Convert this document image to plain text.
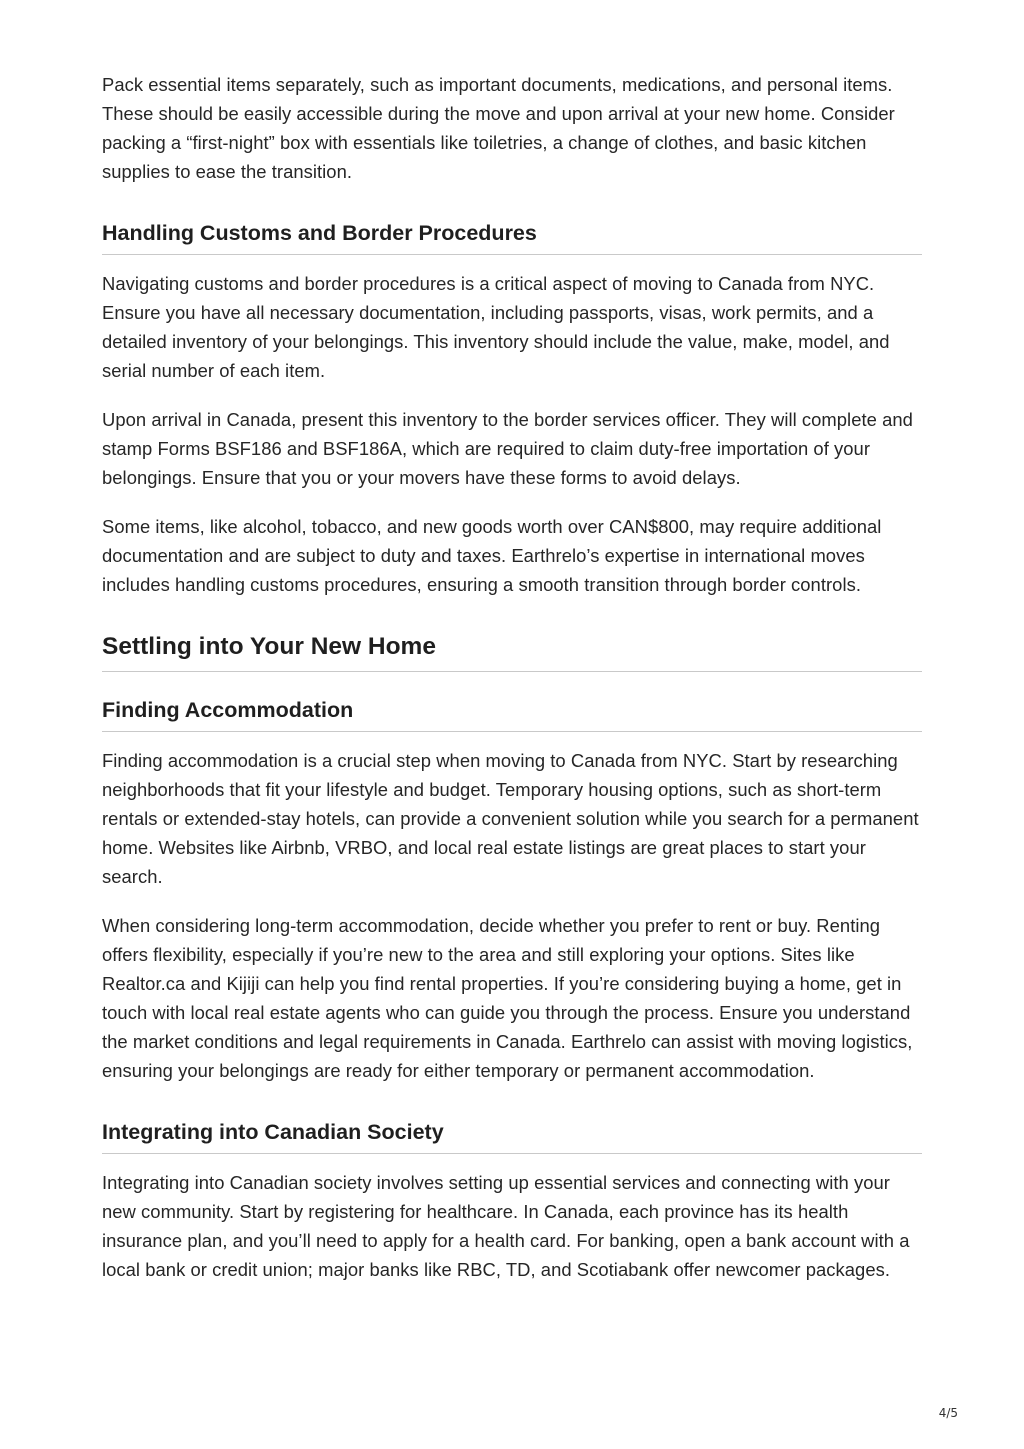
Pack essential items separately, such as important documents, medications, and personal items. These should be easily accessible during the move and upon arrival at your new home. Consider packing a “first-night” box with essentials like toiletries, a change of clothes, and basic kitchen supplies to ease the transition.

Handling Customs and Border Procedures

Navigating customs and border procedures is a critical aspect of moving to Canada from NYC. Ensure you have all necessary documentation, including passports, visas, work permits, and a detailed inventory of your belongings. This inventory should include the value, make, model, and serial number of each item.

Upon arrival in Canada, present this inventory to the border services officer. They will complete and stamp Forms BSF186 and BSF186A, which are required to claim duty-free importation of your belongings. Ensure that you or your movers have these forms to avoid delays.

Some items, like alcohol, tobacco, and new goods worth over CAN$800, may require additional documentation and are subject to duty and taxes. Earthrelo’s expertise in international moves includes handling customs procedures, ensuring a smooth transition through border controls.

Settling into Your New Home
Finding Accommodation

Finding accommodation is a crucial step when moving to Canada from NYC. Start by researching neighborhoods that fit your lifestyle and budget. Temporary housing options, such as short-term rentals or extended-stay hotels, can provide a convenient solution while you search for a permanent home. Websites like Airbnb, VRBO, and local real estate listings are great places to start your search.

When considering long-term accommodation, decide whether you prefer to rent or buy. Renting offers flexibility, especially if you’re new to the area and still exploring your options. Sites like Realtor.ca and Kijiji can help you find rental properties. If you’re considering buying a home, get in touch with local real estate agents who can guide you through the process. Ensure you understand the market conditions and legal requirements in Canada. Earthrelo can assist with moving logistics, ensuring your belongings are ready for either temporary or permanent accommodation.

Integrating into Canadian Society

Integrating into Canadian society involves setting up essential services and connecting with your new community. Start by registering for healthcare. In Canada, each province has its health insurance plan, and you’ll need to apply for a health card. For banking, open a bank account with a local bank or credit union; major banks like RBC, TD, and Scotiabank offer newcomer packages.

4/5
